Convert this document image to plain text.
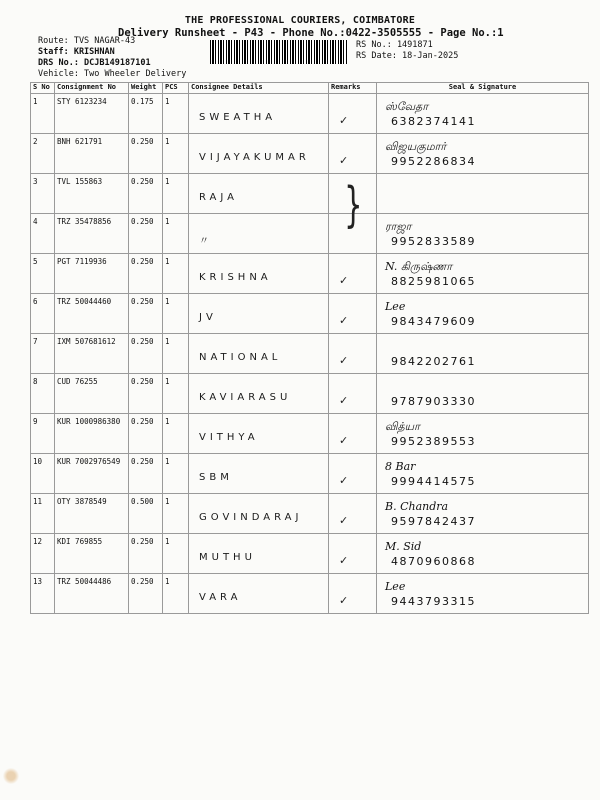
THE PROFESSIONAL COURIERS, COIMBATORE
Delivery Runsheet - P43 - Phone No.:0422-3505555 - Page No.:1
Route: TVS NAGAR-43
Staff: KRISHNAN
DRS No.: DCJB149187101
Vehicle: Two Wheeler Delivery
RS No.: 1491871
RS Date: 18-Jan-2025
S No	Consignment No	Weight	PCS	Consignee Details	Remarks	Seal & Signature
1	STY 6123234	0.175	1	SWEATHA	✓	ஸ்வேதா
6382374141

2	BNH 621791	0.250	1	VIJAYAKUMAR	✓	விஜயகுமார்
9952286834

3	TVL 155863	0.250	1	RAJA		

4	TRZ 35478856	0.250	1	〃		ராஜா
9952833589

5	PGT 7119936	0.250	1	KRISHNA	✓	N. கிருஷ்ணா
8825981065

6	TRZ 50044460	0.250	1	JV	✓	Lee
9843479609

7	IXM 507681612	0.250	1	NATIONAL	✓	9842202761

8	CUD 76255	0.250	1	KAVIARASU	✓	9787903330

9	KUR 1000986380	0.250	1	VITHYA	✓	வித்யா
9952389553

10	KUR 7002976549	0.250	1	SBM	✓	8 Bar
9994414575

11	OTY 3878549	0.500	1	GOVINDARAJ	✓	B. Chandra
9597842437

12	KDI 769855	0.250	1	MUTHU	✓	M. Sid
4870960868

13	TRZ 50044486	0.250	1	VARA	✓	Lee
9443793315
}
